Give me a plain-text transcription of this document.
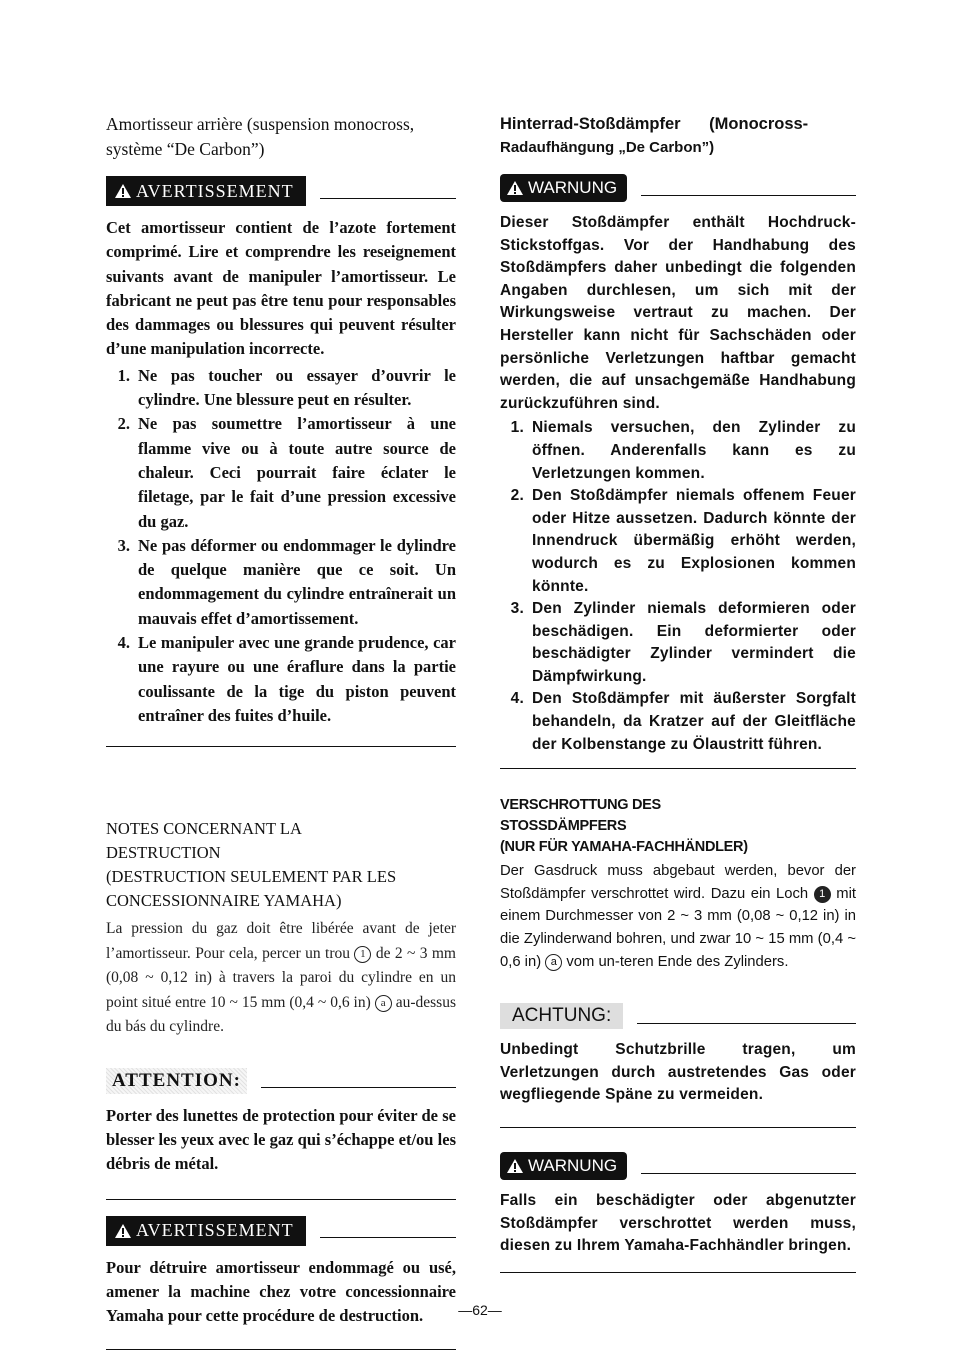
Amortisseur arrière (suspension monocross, système “De Carbon”)

AVERTISSEMENT

Cet amortisseur contient de l’azote fortement comprimé. Lire et comprendre les reseignement suivants avant de manipuler l’amortisseur. Le fabricant ne peut pas être tenu pour responsables des dammages ou blessures qui peuvent résulter d’une manipulation incorrecte.

1. Ne pas toucher ou essayer d’ouvrir le cylindre. Une blessure peut en résulter.
2. Ne pas soumettre l’amortisseur à une flamme vive ou à toute autre source de chaleur. Ceci pourrait faire éclater le filetage, par le fait d’une pression excessive du gaz.
3. Ne pas déformer ou endommager le dylindre de quelque manière que ce soit. Un endommagement du cylindre entraînerait un mauvais effet d’amortissement.
4. Le manipuler avec une grande prudence, car une rayure ou une éraflure dans la partie coulissante de la tige du piston peuvent entraîner des fuites d’huile.

NOTES CONCERNANT LA

DESTRUCTION

(DESTRUCTION SEULEMENT PAR LES

CONCESSIONNAIRE YAMAHA)

La pression du gaz doit être libérée avant de jeter l’amortisseur. Pour cela, percer un trou 1 de 2 ~ 3 mm (0,08 ~ 0,12 in) à travers la paroi du cylindre en un point situé entre 10 ~ 15 mm (0,4 ~ 0,6 in) a au-dessus du bás du cylindre.

ATTENTION:

Porter des lunettes de protection pour éviter de se blesser les yeux avec le gaz qui s’échappe et/ou les débris de métal.

AVERTISSEMENT

Pour détruire amortisseur endommagé ou usé, amener la machine chez votre concessionnaire Yamaha pour cette procédure de destruction.

Hinterrad-Stoßdämpfer (Monocross-
Radaufhängung „De Carbon”)

WARNUNG

Dieser Stoßdämpfer enthält Hochdruck-Stickstoffgas. Vor der Handhabung des Stoßdämpfers daher unbedingt die folgenden Angaben durchlesen, um sich mit der Wirkungsweise vertraut zu machen. Der Hersteller kann nicht für Sachschäden oder persönliche Verletzungen haftbar gemacht werden, die auf unsachgemäße Handhabung zurückzuführen sind.

1. Niemals versuchen, den Zylinder zu öffnen. Anderenfalls kann es zu Verletzungen kommen.
2. Den Stoßdämpfer niemals offenem Feuer oder Hitze aussetzen. Dadurch könnte der Innendruck übermäßig erhöht werden, wodurch es zu Explosionen kommen könnte.
3. Den Zylinder niemals deformieren oder beschädigen. Ein deformierter oder beschädigter Zylinder vermindert die Dämpfwirkung.
4. Den Stoßdämpfer mit äußerster Sorgfalt behandeln, da Kratzer auf der Gleitfläche der Kolbenstange zu Ölaustritt führen.

VERSCHROTTUNG DES

STOSSDÄMPFERS

(NUR FÜR YAMAHA-FACHHÄNDLER)

Der Gasdruck muss abgebaut werden, bevor der Stoßdämpfer verschrottet wird. Dazu ein Loch 1 mit einem Durchmesser von 2 ~ 3 mm (0,08 ~ 0,12 in) in die Zylinderwand bohren, und zwar 10 ~ 15 mm (0,4 ~ 0,6 in) a vom un-teren Ende des Zylinders.

ACHTUNG:

Unbedingt Schutzbrille tragen, um Verletzungen durch austretendes Gas oder wegfliegende Späne zu vermeiden.

WARNUNG

Falls ein beschädigter oder abgenutzter Stoßdämpfer verschrottet werden muss, diesen zu Ihrem Yamaha-Fachhändler bringen.

—62—
